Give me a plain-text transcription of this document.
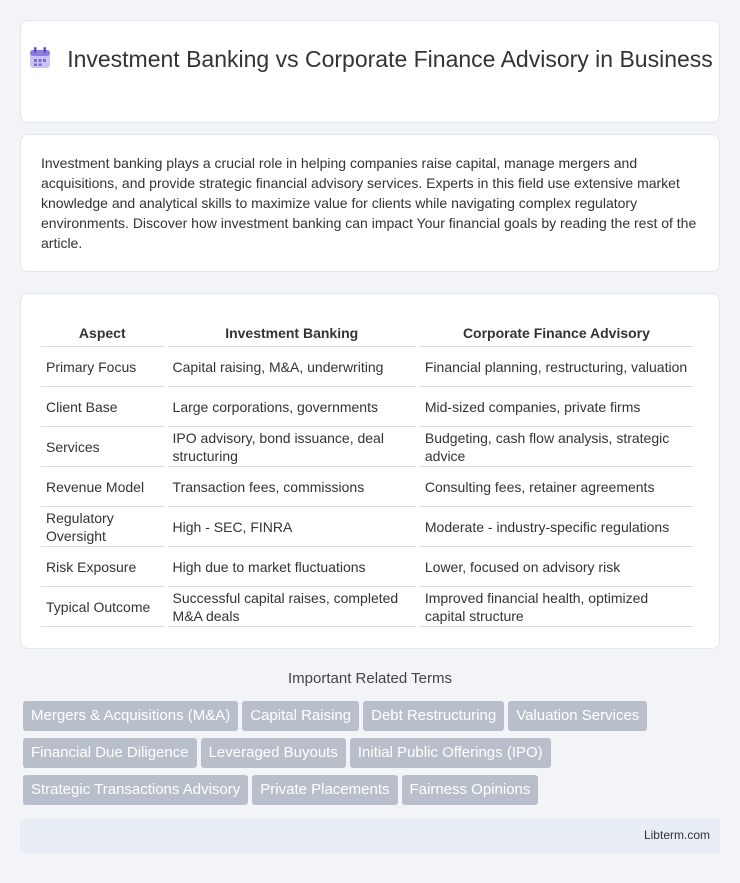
Investment Banking vs Corporate Finance Advisory in Business

Investment banking plays a crucial role in helping companies raise capital, manage mergers and acquisitions, and provide strategic financial advisory services. Experts in this field use extensive market knowledge and analytical skills to maximize value for clients while navigating complex regulatory environments. Discover how investment banking can impact Your financial goals by reading the rest of the article.

Aspect	Investment Banking	Corporate Finance Advisory
Primary Focus	Capital raising, M&A, underwriting	Financial planning, restructuring, valuation
Client Base	Large corporations, governments	Mid-sized companies, private firms
Services	IPO advisory, bond issuance, deal structuring	Budgeting, cash flow analysis, strategic advice
Revenue Model	Transaction fees, commissions	Consulting fees, retainer agreements
Regulatory Oversight	High - SEC, FINRA	Moderate - industry-specific regulations
Risk Exposure	High due to market fluctuations	Lower, focused on advisory risk
Typical Outcome	Successful capital raises, completed M&A deals	Improved financial health, optimized capital structure
Important Related Terms
Mergers & Acquisitions (M&A) Capital Raising Debt Restructuring Valuation Services
Financial Due Diligence Leveraged Buyouts Initial Public Offerings (IPO)
Strategic Transactions Advisory Private Placements Fairness Opinions
Libterm.com
